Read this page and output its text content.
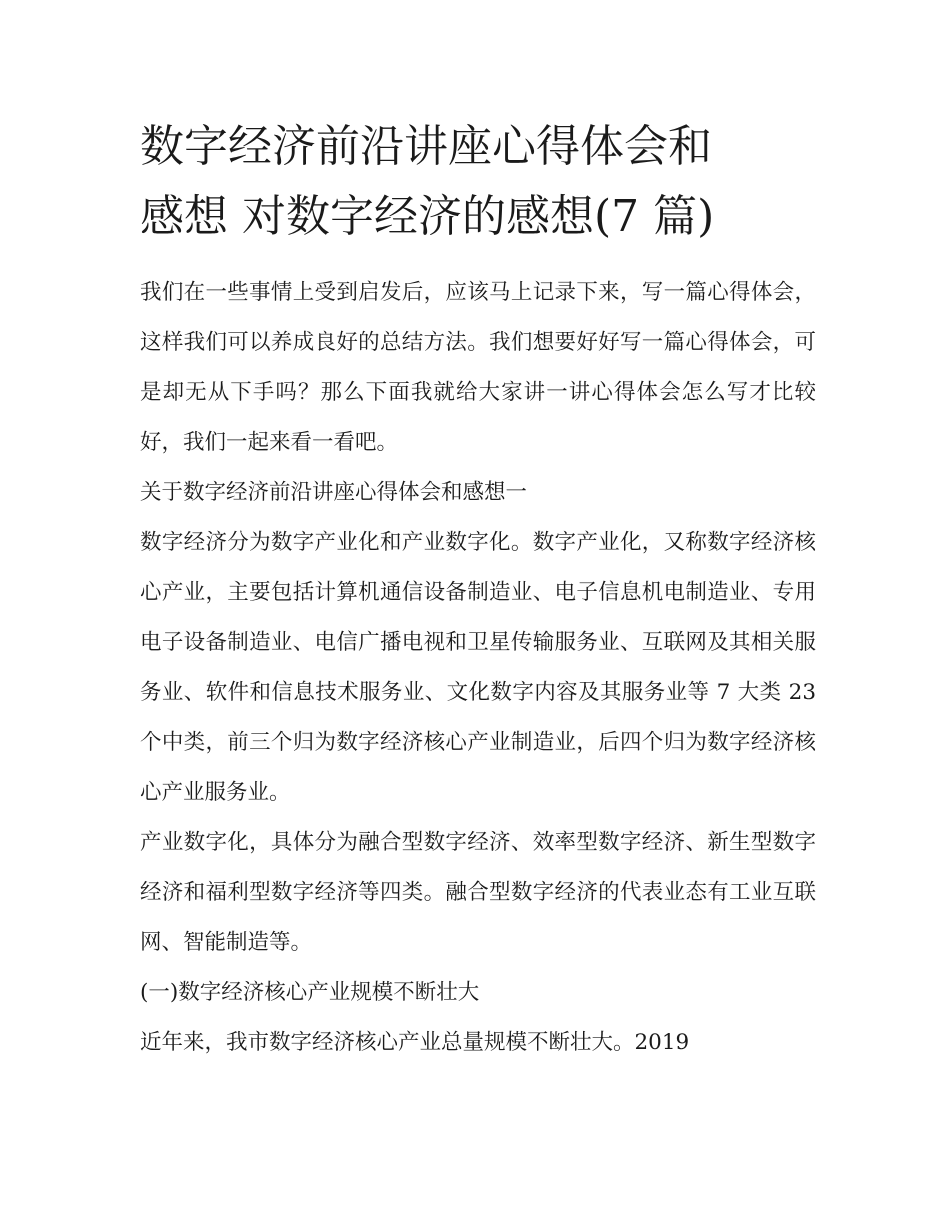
数字经济前沿讲座心得体会和
感想 对数字经济的感想(7 篇)

我们在一些事情上受到启发后，应该马上记录下来，写一篇心得体会，这样我们可以养成良好的总结方法。我们想要好好写一篇心得体会，可是却无从下手吗？那么下面我就给大家讲一讲心得体会怎么写才比较好，我们一起来看一看吧。

关于数字经济前沿讲座心得体会和感想一

数字经济分为数字产业化和产业数字化。数字产业化，又称数字经济核心产业，主要包括计算机通信设备制造业、电子信息机电制造业、专用电子设备制造业、电信广播电视和卫星传输服务业、互联网及其相关服务业、软件和信息技术服务业、文化数字内容及其服务业等 7 大类 23 个中类，前三个归为数字经济核心产业制造业，后四个归为数字经济核心产业服务业。

产业数字化，具体分为融合型数字经济、效率型数字经济、新生型数字经济和福利型数字经济等四类。融合型数字经济的代表业态有工业互联网、智能制造等。

(一)数字经济核心产业规模不断壮大

近年来，我市数字经济核心产业总量规模不断壮大。2019
